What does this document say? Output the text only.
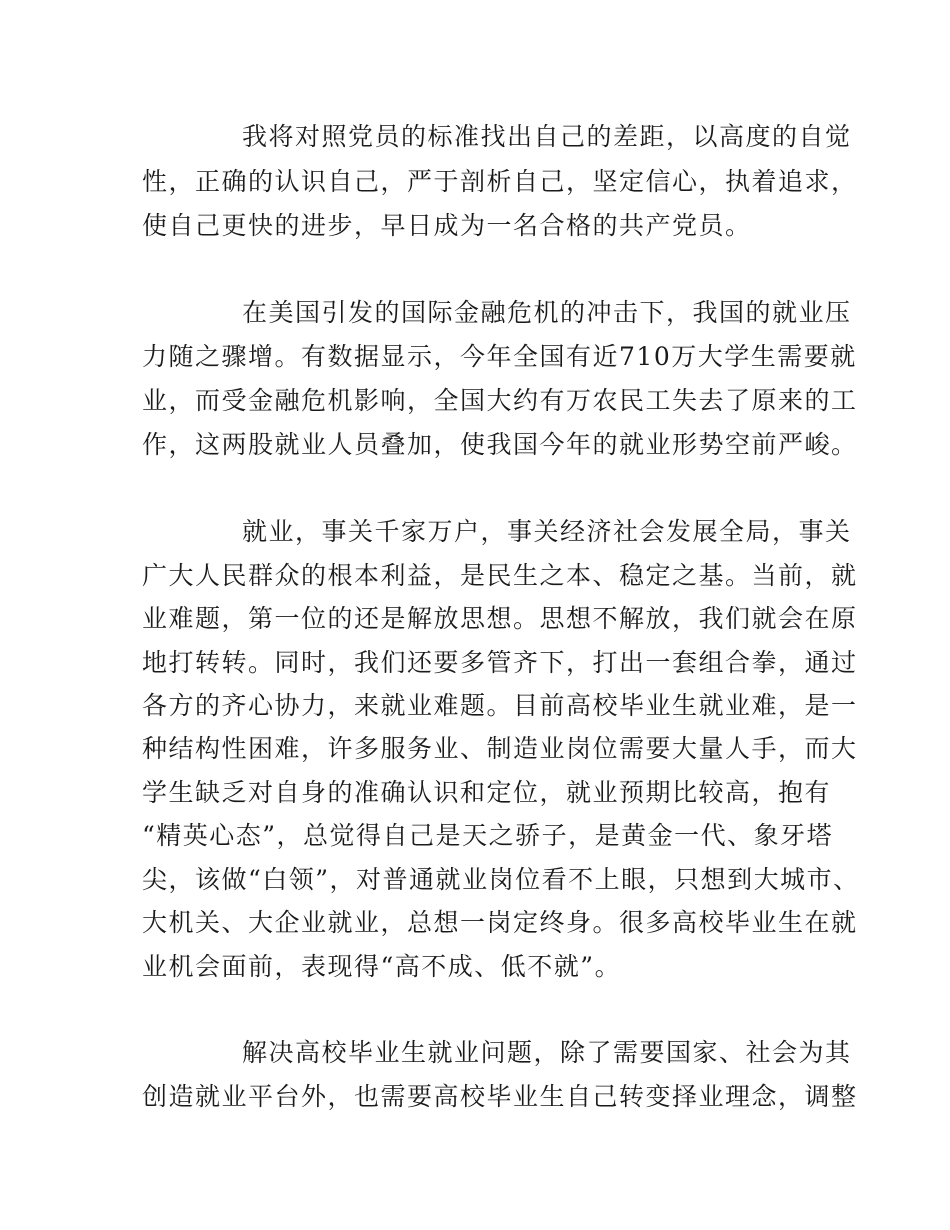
我将对照党员的标准找出自己的差距，以高度的自觉

性，正确的认识自己，严于剖析自己，坚定信心，执着追求，

使自己更快的进步，早日成为一名合格的共产党员。

在美国引发的国际金融危机的冲击下，我国的就业压

力随之骤增。有数据显示，今年全国有近710万大学生需要就

业，而受金融危机影响，全国大约有万农民工失去了原来的工

作，这两股就业人员叠加，使我国今年的就业形势空前严峻。

就业，事关千家万户，事关经济社会发展全局，事关

广大人民群众的根本利益，是民生之本、稳定之基。当前，就

业难题，第一位的还是解放思想。思想不解放，我们就会在原

地打转转。同时，我们还要多管齐下，打出一套组合拳，通过

各方的齐心协力，来就业难题。目前高校毕业生就业难，是一

种结构性困难，许多服务业、制造业岗位需要大量人手，而大

学生缺乏对自身的准确认识和定位，就业预期比较高，抱有

“精英心态”，总觉得自己是天之骄子，是黄金一代、象牙塔

尖，该做“白领”，对普通就业岗位看不上眼，只想到大城市、

大机关、大企业就业，总想一岗定终身。很多高校毕业生在就

业机会面前，表现得“高不成、低不就”。

解决高校毕业生就业问题，除了需要国家、社会为其

创造就业平台外，也需要高校毕业生自己转变择业理念，调整
